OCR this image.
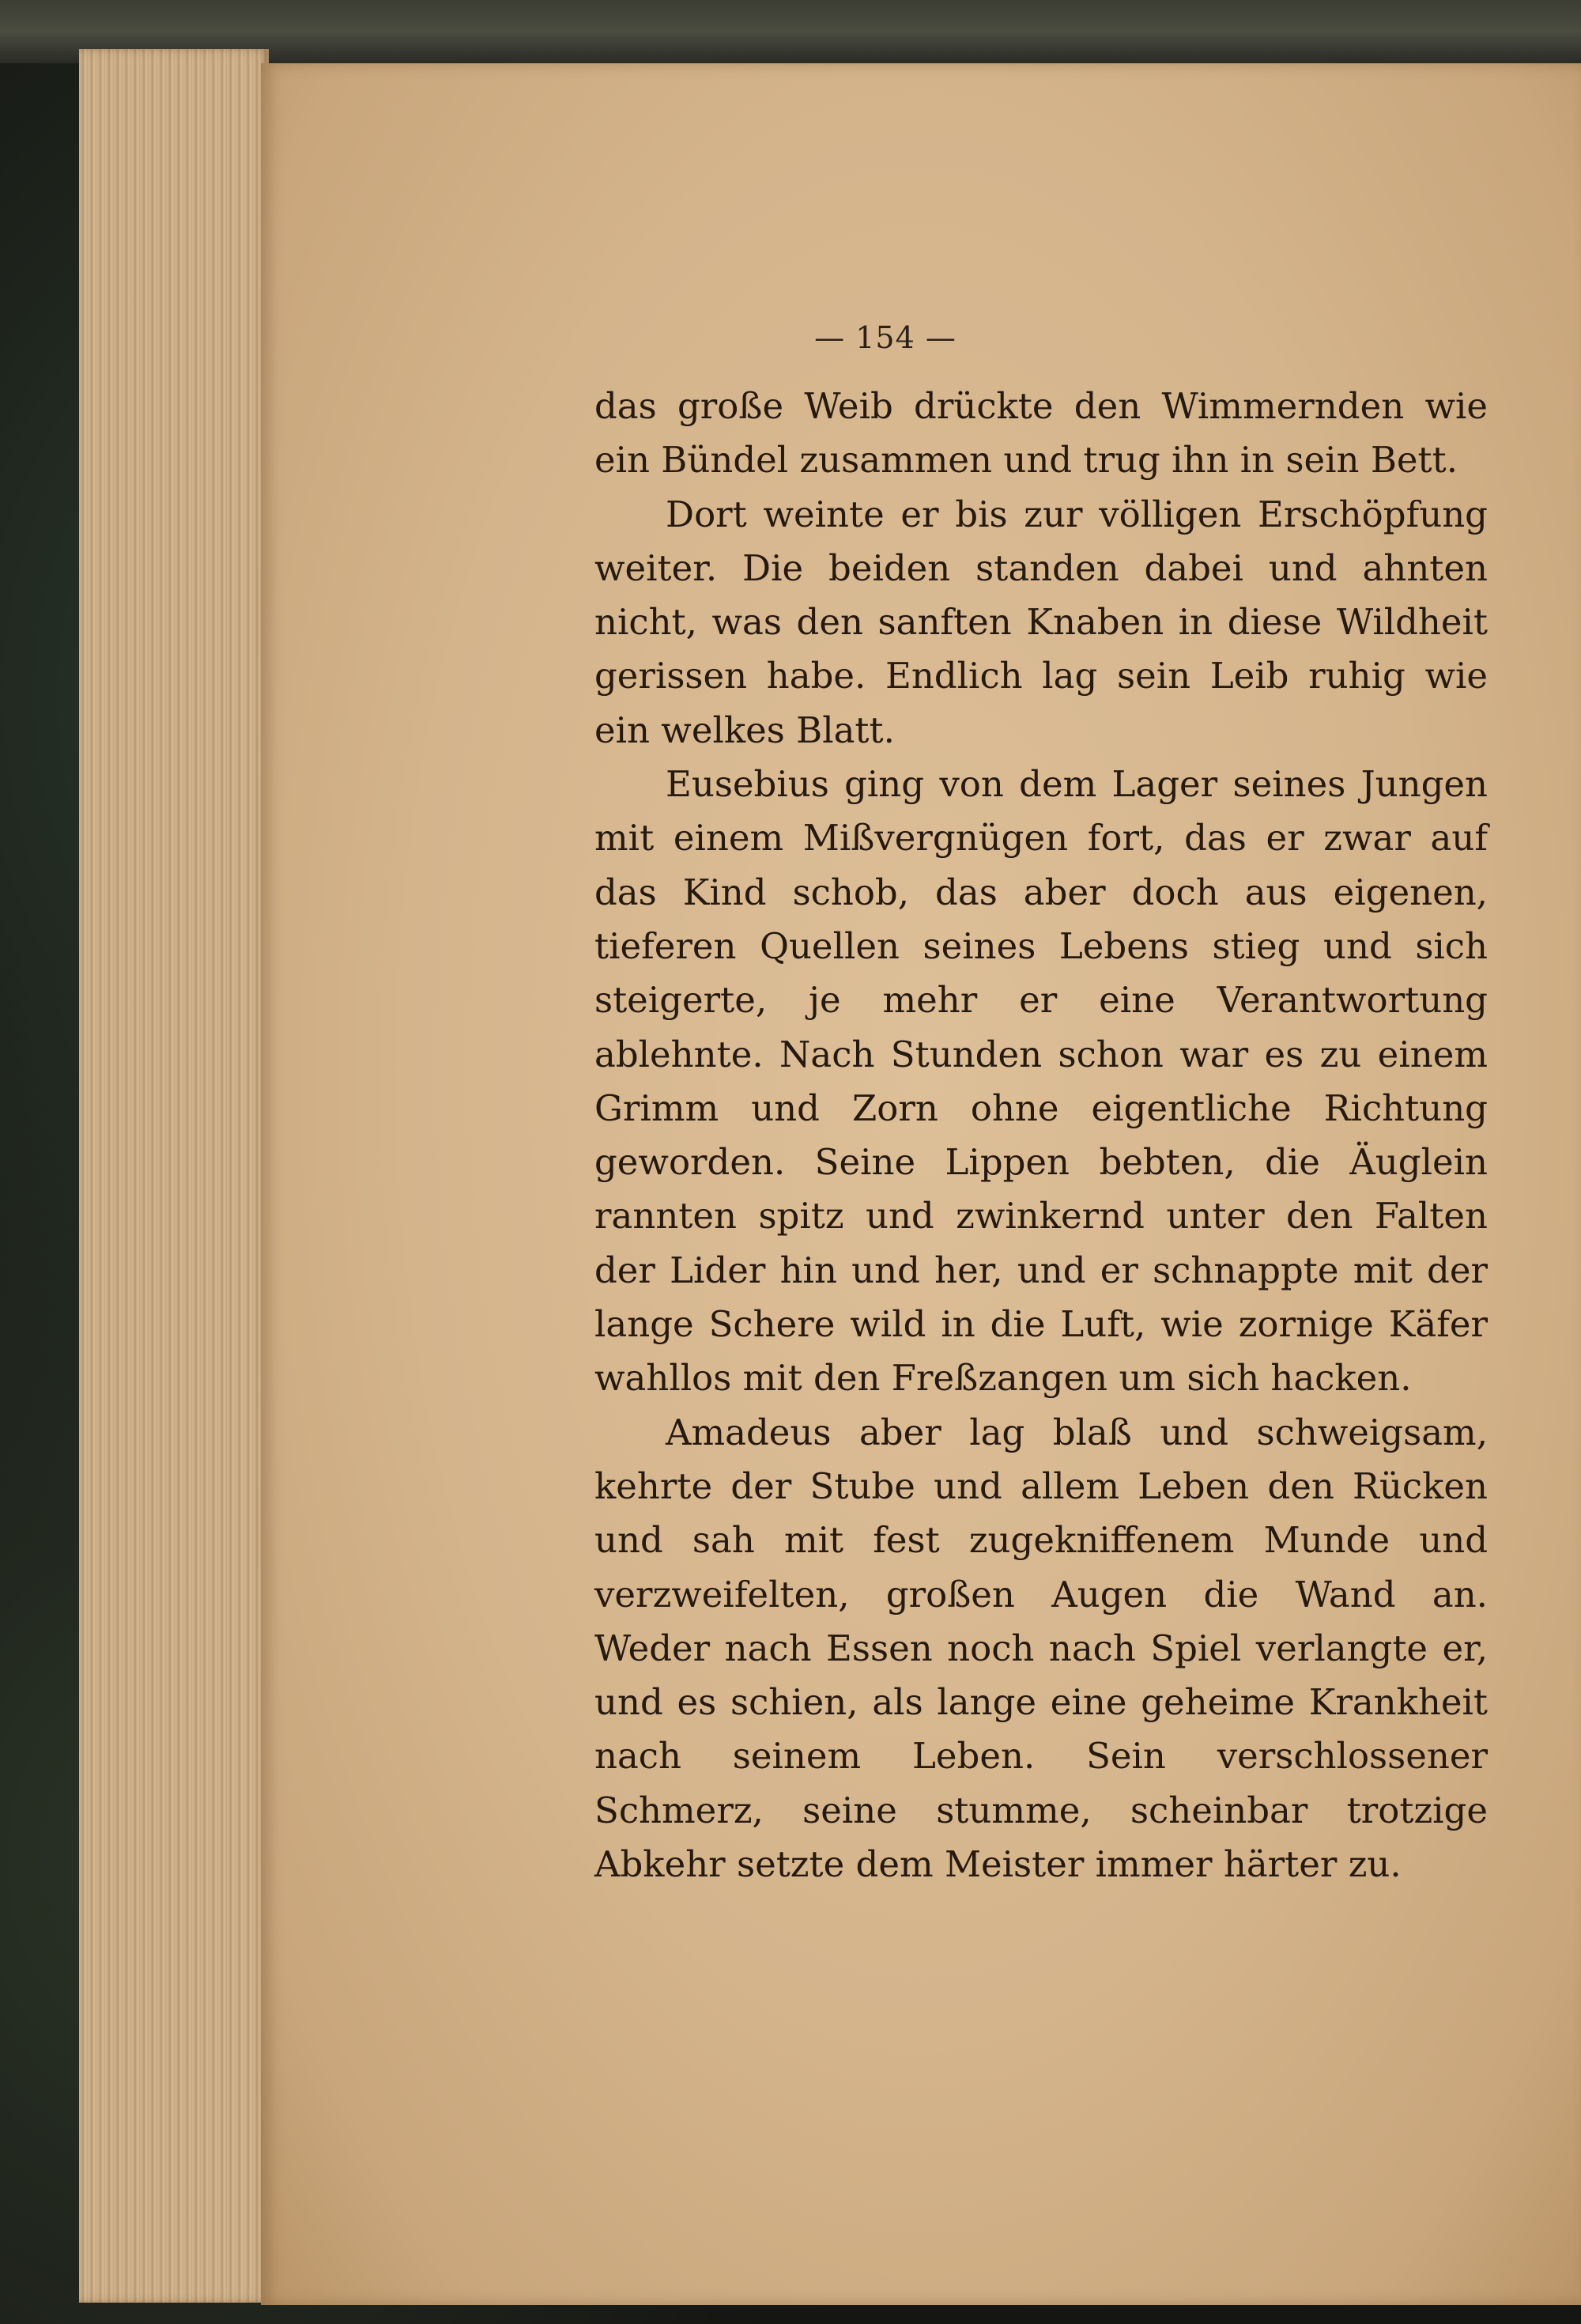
— 154 —

das große Weib drückte den Wimmernden wie ein Bündel zusammen und trug ihn in sein Bett.

Dort weinte er bis zur völligen Erschöpfung weiter. Die beiden standen dabei und ahnten nicht, was den sanften Knaben in diese Wildheit gerissen habe. Endlich lag sein Leib ruhig wie ein welkes Blatt.

Eusebius ging von dem Lager seines Jungen mit einem Mißvergnügen fort, das er zwar auf das Kind schob, das aber doch aus eigenen, tieferen Quellen seines Lebens stieg und sich steigerte, je mehr er eine Verantwortung ablehnte. Nach Stunden schon war es zu einem Grimm und Zorn ohne eigentliche Richtung geworden. Seine Lippen bebten, die Äuglein rannten spitz und zwinkernd unter den Falten der Lider hin und her, und er schnappte mit der lange Schere wild in die Luft, wie zornige Käfer wahllos mit den Freßzangen um sich hacken.

Amadeus aber lag blaß und schweigsam, kehrte der Stube und allem Leben den Rücken und sah mit fest zugekniffenem Munde und verzweifelten, großen Augen die Wand an. Weder nach Essen noch nach Spiel verlangte er, und es schien, als lange eine geheime Krankheit nach seinem Leben. Sein verschlossener Schmerz, seine stumme, scheinbar trotzige Abkehr setzte dem Meister immer härter zu.
